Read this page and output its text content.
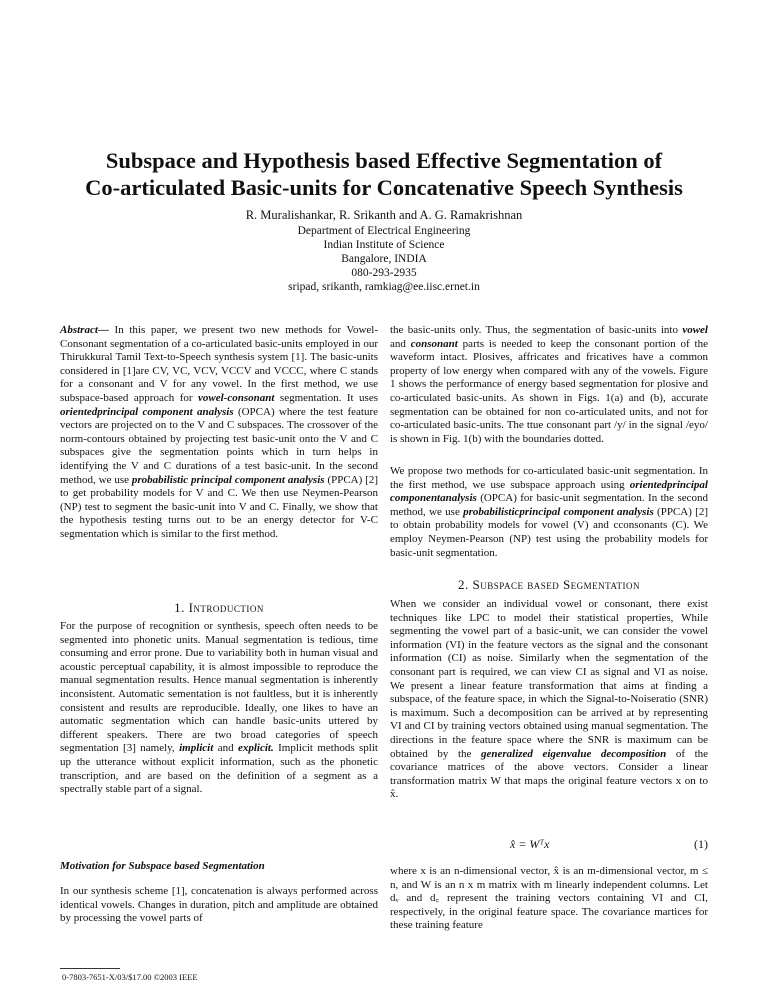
Subspace and Hypothesis based Effective Segmentation of
Co-articulated Basic-units for Concatenative Speech Synthesis
R. Muralishankar, R. Srikanth and A. G. Ramakrishnan
Department of Electrical Engineering
Indian Institute of Science
Bangalore, INDIA
080-293-2935
sripad, srikanth, ramkiag@ee.iisc.ernet.in

Abstract— In this paper, we present two new methods for Vowel-Consonant segmentation of a co-articulated basic-units employed in our Thirukkural Tamil Text-to-Speech synthesis system [1]. The basic-units considered in [1]are CV, VC, VCV, VCCV and VCCC, where C stands for a consonant and V for any vowel. In the first method, we use subspace-based approach for vowel-consonant segmentation. It uses orientedprincipal component analysis (OPCA) where the test feature vectors are projected on to the V and C subspaces. The crossover of the norm-contours obtained by projecting test basic-unit onto the V and C subspaces give the segmentation points which in turn helps in identifying the V and C durations of a test basic-unit. In the second method, we use probabilistic principal component analysis (PPCA) [2] to get probability models for V and C. We then use Neymen-Pearson (NP) test to segment the basic-unit into V and C. Finally, we show that the hypothesis testing turns out to be an energy detector for V-C segmentation which is similar to the first method.

1. Introduction

For the purpose of recognition or synthesis, speech often needs to be segmented into phonetic units. Manual segmentation is tedious, time consuming and error prone. Due to variability both in human visual and acoustic perceptual capability, it is almost impossible to reproduce the manual segmentation results. Hence manual segmentation is inherently inconsistent. Automatic sementation is not faultless, but it is inherently consistent and results are reproducible. Ideally, one likes to have an automatic segmentation which can handle basic-units uttered by different speakers. There are two broad categories of speech segmentation [3] namely, implicit and explicit. Implicit methods split up the utterance without explicit information, such as the phonetic transcription, and are based on the definition of a segment as a spectrally stable part of a signal.

Motivation for Subspace based Segmentation

In our synthesis scheme [1], concatenation is always performed across identical vowels. Changes in duration, pitch and amplitude are obtained by processing the vowel parts of

0-7803-7651-X/03/$17.00 ©2003 IEEE

the basic-units only. Thus, the segmentation of basic-units into vowel and consonant parts is needed to keep the consonant portion of the waveform intact. Plosives, affricates and fricatives have a common property of low energy when compared with any of the vowels. Figure 1 shows the performance of energy based segmentation for plosive and co-articulated basic-units. As shown in Figs. 1(a) and (b), accurate segmentation can be obtained for non co-articulated units, and not for co-articulated basic-units. The ttue consonant part /y/ in the signal /eyo/ is shown in Fig. 1(b) with the boundaries dotted.

We propose two methods for co-articulated basic-unit segmentation. In the first method, we use subspace approach using orientedprincipal componentanalysis (OPCA) for basic-unit segmentation. In the second method, we use probabilisticprincipal component analysis (PPCA) [2] to obtain probability models for vowel (V) and cconsonants (C). We employ Neymen-Pearson (NP) test using the probability models for basic-unit segmentation.

2. Subspace based Segmentation

When we consider an individual vowel or consonant, there exist techniques like LPC to model their statistical properties, While segmenting the vowel part of a basic-unit, we can consider the vowel information (VI) in the feature vectors as the signal and the consonant information (CI) as noise. Similarly when the segmentation of the consonant part is required, we can view CI as signal and VI as noise. We present a linear feature transformation that aims at finding a subspace, of the feature space, in which the Signal-to-Noiseratio (SNR) is maximum. Such a decomposition can be arrived at by representing VI and CI by training vectors obtained using manual segmentation. The directions in the feature space where the SNR is maximum can be obtained by the generalized eigenvalue decomposition of the covariance matrices of the above vectors. Consider a linear transformation matrix W that maps the original feature vectors x on to x̂.

x̂ = Wᵀx	(1)

where x is an n-dimensional vector, x̂ is an m-dimensional vector, m ≤ n, and W is an n x m matrix with m linearly independent columns. Let dᵥ and d꜀ represent the training vectors containing VI and CI, respectively, in the original feature space. The covariance martices for these training feature
